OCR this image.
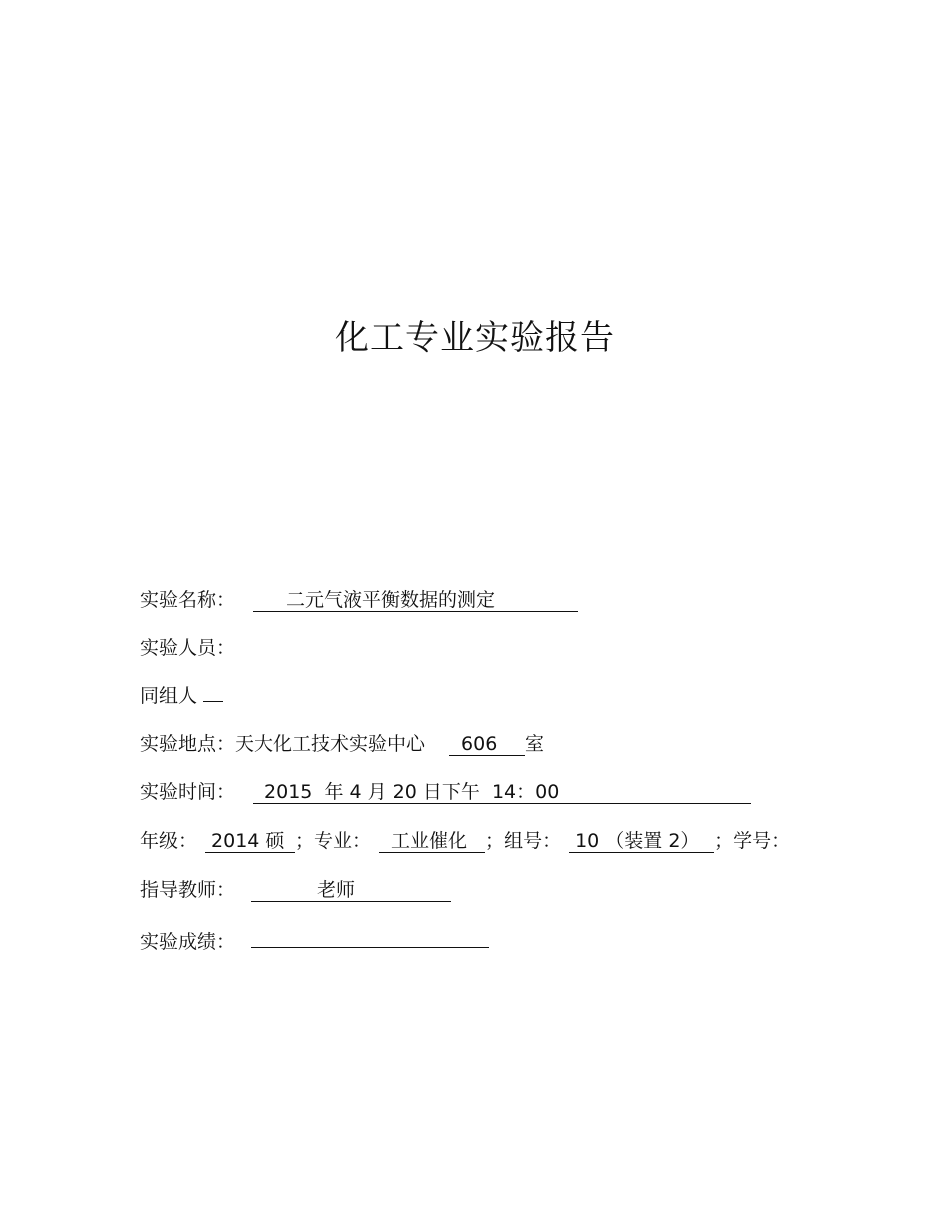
化工专业实验报告
实验名称：	二元气液平衡数据的测定
实验人员：
同组人
实验地点：天大化工技术实验中心 606 室
实验时间： 2015  年 4 月 20 日下午  14：00
年级： 2014 硕 ；专业： 工业催化 ；组号： 10 （装置 2） ；学号：
指导教师：	老师
实验成绩：
